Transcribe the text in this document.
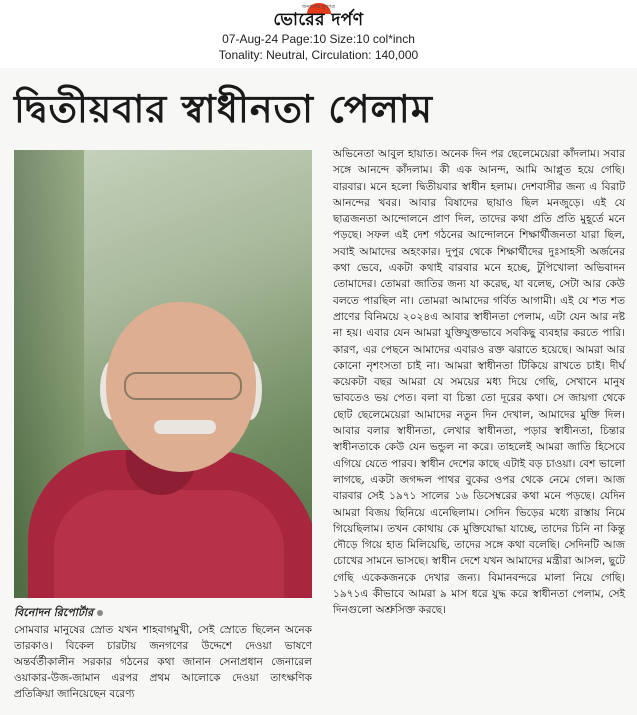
জনগণের মুখপত্র
ভোরের দর্পণ
07-Aug-24 Page:10 Size:10 col*inch
Tonality: Neutral, Circulation: 140,000
দ্বিতীয়বার স্বাধীনতা পেলাম
বিনোদন রিপোর্টার

সোমবার মানুষের স্রোত যখন শাহবাগমুখী, সেই স্রোতে ছিলেন অনেক তারকাও। বিকেল চারটায় জনগণের উদ্দেশে দেওয়া ভাষণে অন্তর্বর্তীকালীন সরকার গঠনের কথা জানান সেনাপ্রধান জেনারেল ওয়াকার-উজ-জামান এরপর প্রথম আলোকে দেওয়া তাৎক্ষণিক প্রতিক্রিয়া জানিয়েছেন বরেণ্য

অভিনেতা আবুল হায়াত। অনেক দিন পর ছেলেমেয়েরা কাঁদলাম। সবার সঙ্গে আনন্দে কাঁদলাম। কী এক আনন্দ, আমি আপ্লুত হয়ে গেছি। বারবার। মনে হলো দ্বিতীয়বার স্বাধীন হলাম। দেশবাসীর জন্য এ বিরাট আনন্দের খবর। আবার বিষাদের ছায়াও ছিল মনজুড়ে। এই যে ছাত্রজনতা আন্দোলনে প্রাণ দিল, তাদের কথা প্রতি প্রতি মুহূর্তে মনে পড়ছে। সফল এই দেশ গঠনের আন্দোলনে শিক্ষার্থীজনতা যারা ছিল, সবাই আমাদের অহংকার। দুপুর থেকে শিক্ষার্থীদের দুঃসাহসী অর্জনের কথা ভেবে, একটা কথাই বারবার মনে হচ্ছে, টুপিখোলা অভিবাদন তোমাদের। তোমরা জাতির জন্য যা করেছ, যা বলেছ, সেটা আর কেউ বলতে পারছিল না। তোমরা আমাদের গর্বিত আগামী। এই যে শত শত প্রাণের বিনিময়ে ২০২৪এ আবার স্বাধীনতা পেলাম, এটা যেন আর নষ্ট না হয়। এবার যেন আমরা যুক্তিযুক্তভাবে সবকিছু ব্যবহার করতে পারি। কারণ, এর পেছনে আমাদের এবারও রক্ত ঝরাতে হয়েছে। আমরা আর কোনো নৃশংসতা চাই না। আমরা স্বাধীনতা টিকিয়ে রাখতে চাই। দীর্ঘ কয়েকটা বছর আমরা যে সময়ের মধ্য দিয়ে গেছি, সেখানে মানুষ ভাবতেও ভয় পেত। বলা বা চিন্তা তো দূরের কথা। সে জায়গা থেকে ছোট ছেলেমেয়েরা আমাদের নতুন দিন দেখাল, আমাদের মুক্তি দিল। আবার বলার স্বাধীনতা, লেখার স্বাধীনতা, পড়ার স্বাধীনতা, চিন্তার স্বাধীনতাকে কেউ যেন ভন্ডুল না করে। তাহলেই আমরা জাতি হিসেবে এগিয়ে যেতে পারব। স্বাধীন দেশের কাছে এটাই বড় চাওয়া। বেশ ভালো লাগছে, একটা জগদ্দল পাথর বুকের ওপর থেকে নেমে গেল। আজ বারবার সেই ১৯৭১ সালের ১৬ ডিসেম্বরের কথা মনে পড়ছে। যেদিন আমরা বিজয় ছিনিয়ে এনেছিলাম। সেদিন ভিড়ের মধ্যে রাস্তায় নিমে গিয়েছিলাম। তখন কোথায় কে মুক্তিযোদ্ধা যাচ্ছে, তাদের চিনি না কিন্তু দৌড়ে গিয়ে হাত মিলিয়েছি, তাদের সঙ্গে কথা বলেছি। সেদিনটি আজ চোখের সামনে ভাসছে। স্বাধীন দেশে যখন আমাদের মন্ত্রীরা আসল, ছুটে গেছি একেকজনকে দেখার জন্য। বিমানবন্দরে মালা নিয়ে গেছি। ১৯৭১এ কীভাবে আমরা ৯ মাস ধরে যুদ্ধ করে স্বাধীনতা পেলাম, সেই দিনগুলো অশ্রুসিক্ত করছে।
